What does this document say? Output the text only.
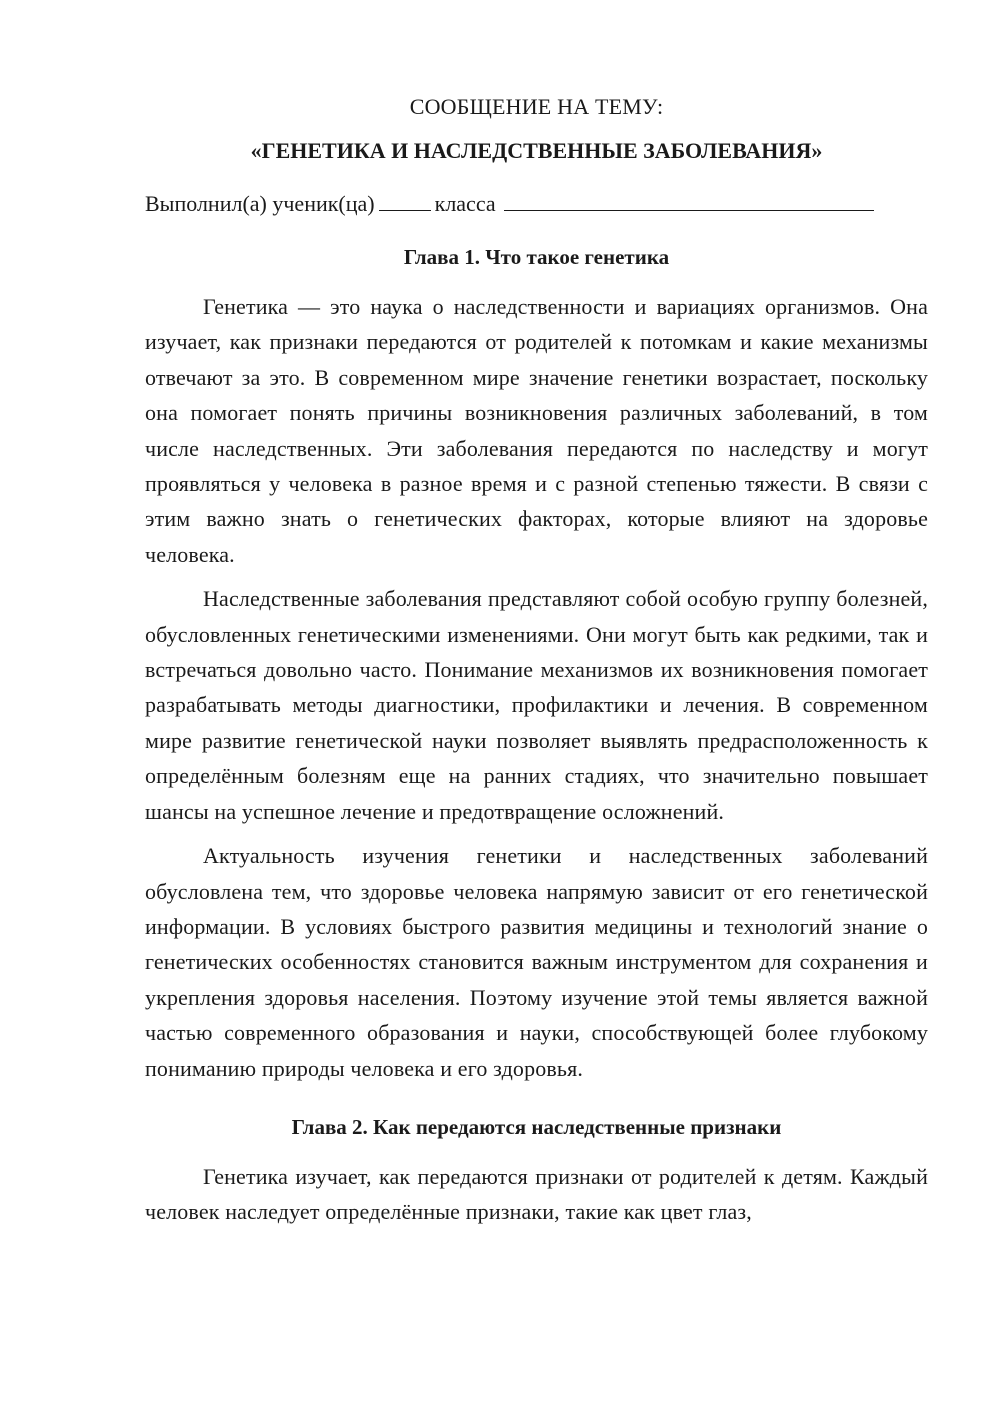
СООБЩЕНИЕ НА ТЕМУ:

«ГЕНЕТИКА И НАСЛЕДСТВЕННЫЕ ЗАБОЛЕВАНИЯ»

Выполнил(а) ученик(ца)	класса

Глава 1. Что такое генетика

Генетика — это наука о наследственности и вариациях организмов. Она изучает, как признаки передаются от родителей к потомкам и какие механизмы отвечают за это. В современном мире значение генетики возрастает, поскольку она помогает понять причины возникновения различных заболеваний, в том числе наследственных. Эти заболевания передаются по наследству и могут проявляться у человека в разное время и с разной степенью тяжести. В связи с этим важно знать о генетических факторах, которые влияют на здоровье человека.

Наследственные заболевания представляют собой особую группу болезней, обусловленных генетическими изменениями. Они могут быть как редкими, так и встречаться довольно часто. Понимание механизмов их возникновения помогает разрабатывать методы диагностики, профилактики и лечения. В современном мире развитие генетической науки позволяет выявлять предрасположенность к определённым болезням еще на ранних стадиях, что значительно повышает шансы на успешное лечение и предотвращение осложнений.

Актуальность изучения генетики и наследственных заболеваний обусловлена тем, что здоровье человека напрямую зависит от его генетической информации. В условиях быстрого развития медицины и технологий знание о генетических особенностях становится важным инструментом для сохранения и укрепления здоровья населения. Поэтому изучение этой темы является важной частью современного образования и науки, способствующей более глубокому пониманию природы человека и его здоровья.

Глава 2. Как передаются наследственные признаки

Генетика изучает, как передаются признаки от родителей к детям. Каждый человек наследует определённые признаки, такие как цвет глаз,
